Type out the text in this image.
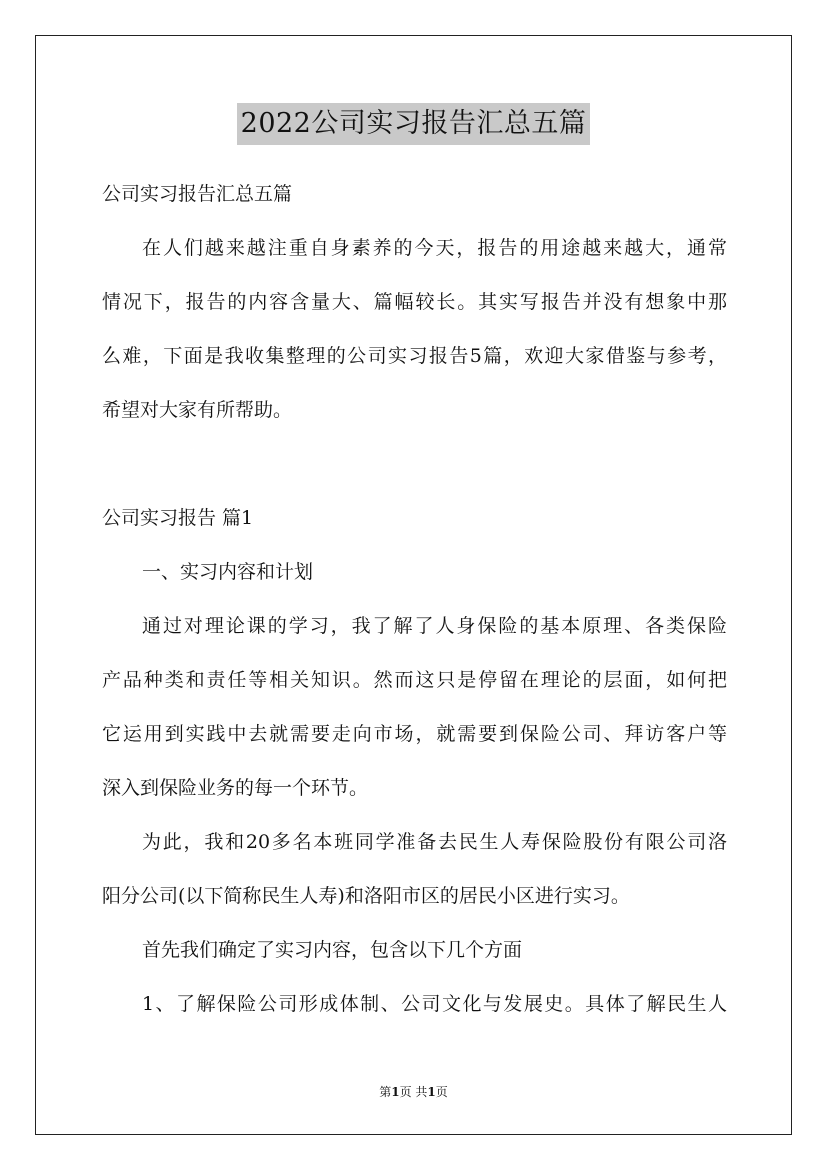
2022公司实习报告汇总五篇
公司实习报告汇总五篇
在人们越来越注重自身素养的今天，报告的用途越来越大，通常
情况下，报告的内容含量大、篇幅较长。其实写报告并没有想象中那
么难，下面是我收集整理的公司实习报告5篇，欢迎大家借鉴与参考，
希望对大家有所帮助。
公司实习报告 篇1
一、实习内容和计划
通过对理论课的学习，我了解了人身保险的基本原理、各类保险
产品种类和责任等相关知识。然而这只是停留在理论的层面，如何把
它运用到实践中去就需要走向市场，就需要到保险公司、拜访客户等
深入到保险业务的每一个环节。
为此，我和20多名本班同学准备去民生人寿保险股份有限公司洛
阳分公司(以下简称民生人寿)和洛阳市区的居民小区进行实习。
首先我们确定了实习内容，包含以下几个方面
1、了解保险公司形成体制、公司文化与发展史。具体了解民生人
第1页 共1页
